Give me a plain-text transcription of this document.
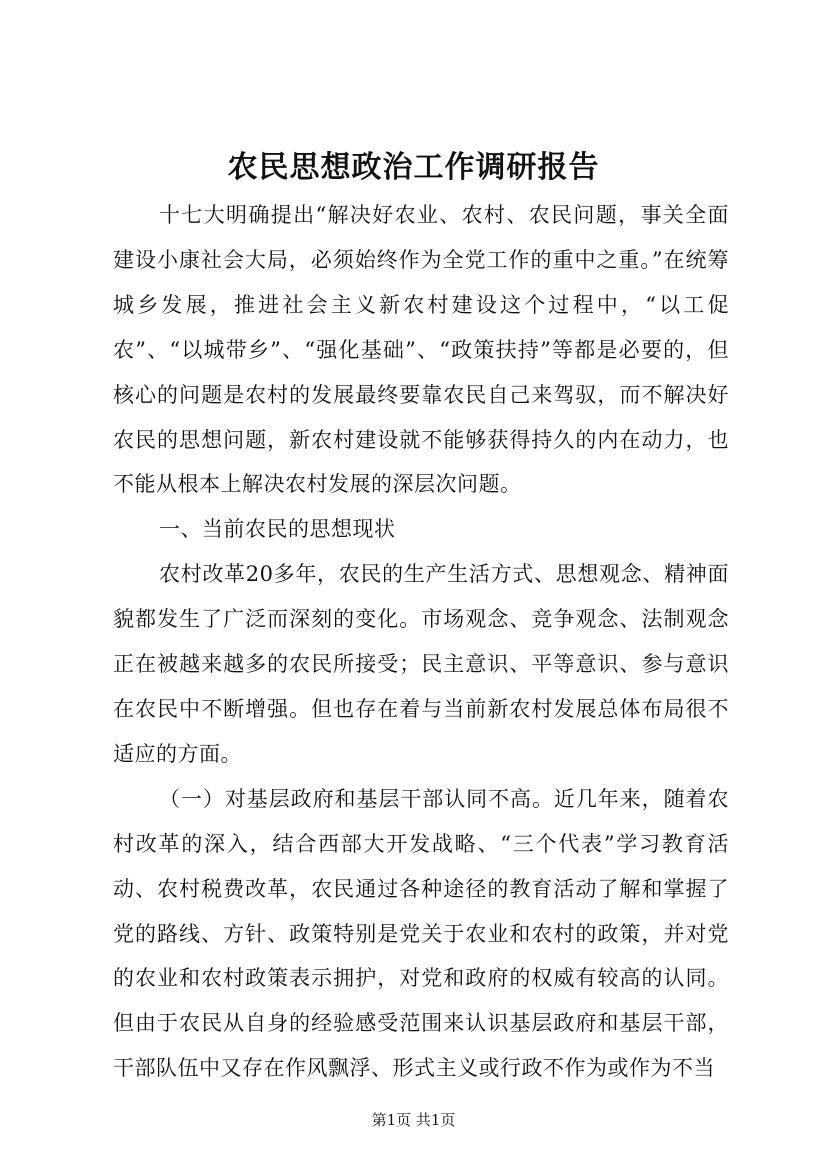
农民思想政治工作调研报告

十七大明确提出“解决好农业、农村、农民问题，事关全面建设小康社会大局，必须始终作为全党工作的重中之重。”在统筹城乡发展，推进社会主义新农村建设这个过程中，“以工促农”、“以城带乡”、“强化基础”、“政策扶持”等都是必要的，但核心的问题是农村的发展最终要靠农民自己来驾驭，而不解决好农民的思想问题，新农村建设就不能够获得持久的内在动力，也不能从根本上解决农村发展的深层次问题。

一、当前农民的思想现状

农村改革20多年，农民的生产生活方式、思想观念、精神面貌都发生了广泛而深刻的变化。市场观念、竞争观念、法制观念正在被越来越多的农民所接受；民主意识、平等意识、参与意识在农民中不断增强。但也存在着与当前新农村发展总体布局很不适应的方面。

（一）对基层政府和基层干部认同不高。近几年来，随着农村改革的深入，结合西部大开发战略、“三个代表”学习教育活动、农村税费改革，农民通过各种途径的教育活动了解和掌握了党的路线、方针、政策特别是党关于农业和农村的政策，并对党的农业和农村政策表示拥护，对党和政府的权威有较高的认同。但由于农民从自身的经验感受范围来认识基层政府和基层干部，干部队伍中又存在作风飘浮、形式主义或行政不作为或作为不当

第1页 共1页
